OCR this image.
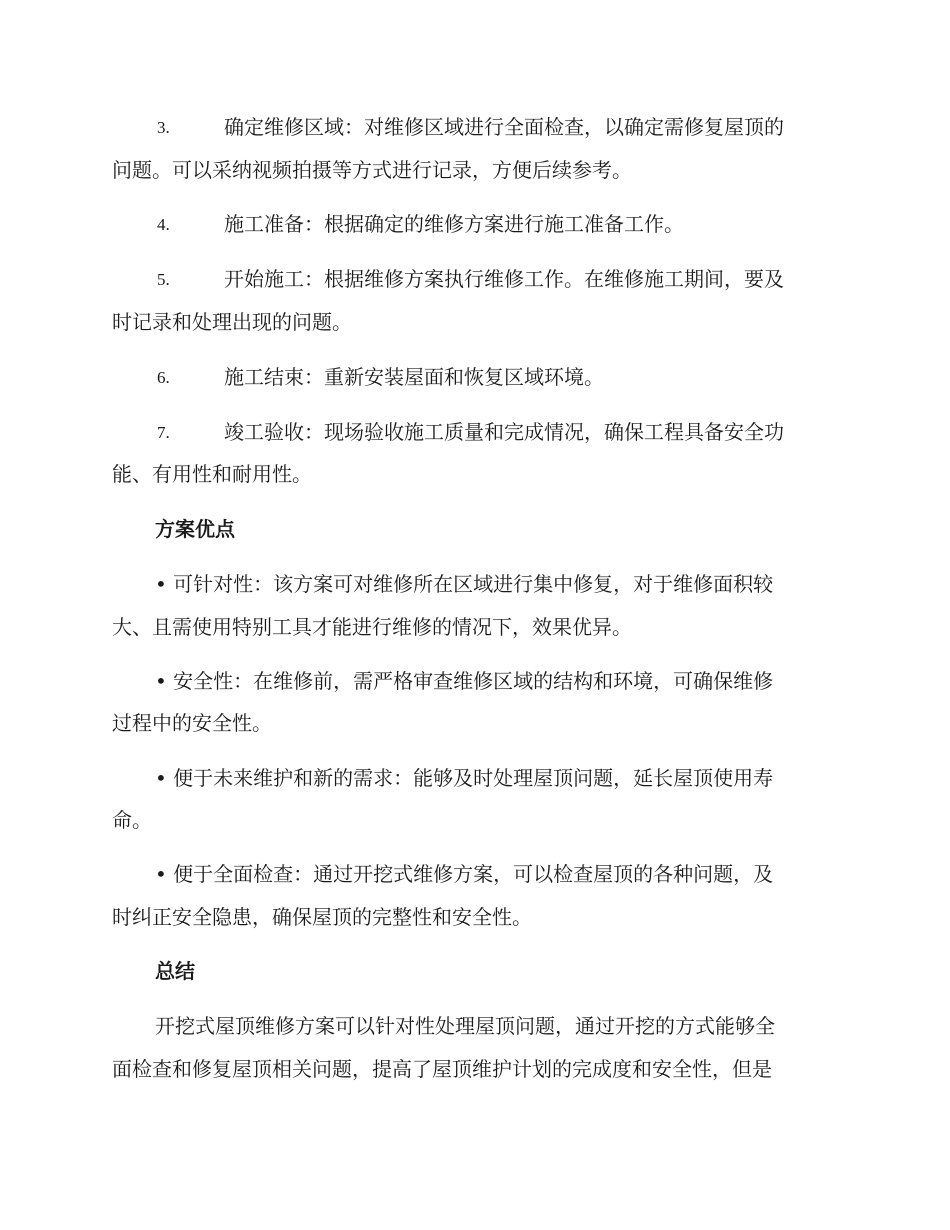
3.	确定维修区域：对维修区域进行全面检查，以确定需修复屋顶的
问题。可以采纳视频拍摄等方式进行记录，方便后续参考。
4.	施工准备：根据确定的维修方案进行施工准备工作。
5.	开始施工：根据维修方案执行维修工作。在维修施工期间，要及
时记录和处理出现的问题。
6.	施工结束：重新安装屋面和恢复区域环境。
7.	竣工验收：现场验收施工质量和完成情况，确保工程具备安全功
能、有用性和耐用性。
方案优点
• 可针对性：该方案可对维修所在区域进行集中修复，对于维修面积较
大、且需使用特别工具才能进行维修的情况下，效果优异。
• 安全性：在维修前，需严格审查维修区域的结构和环境，可确保维修
过程中的安全性。
• 便于未来维护和新的需求：能够及时处理屋顶问题，延长屋顶使用寿
命。
• 便于全面检查：通过开挖式维修方案，可以检查屋顶的各种问题，及
时纠正安全隐患，确保屋顶的完整性和安全性。
总结
开挖式屋顶维修方案可以针对性处理屋顶问题，通过开挖的方式能够全
面检查和修复屋顶相关问题，提高了屋顶维护计划的完成度和安全性，但是
